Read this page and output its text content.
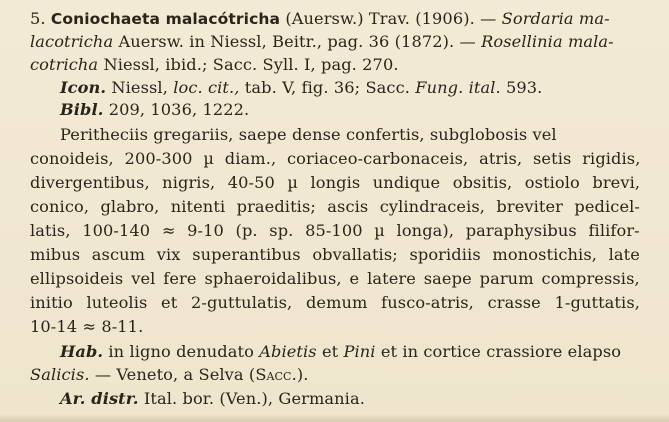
5. Coniochaeta malacótricha (Auersw.) Trav. (1906). — Sordaria ma-
lacotricha Auersw. in Niessl, Beitr., pag. 36 (1872). — Rosellinia mala-
cotricha Niessl, ibid.; Sacc. Syll. I, pag. 270.
Icon. Niessl, loc. cit., tab. V, fig. 36; Sacc. Fung. ital. 593.
Bibl. 209, 1036, 1222.
Peritheciis gregariis, saepe dense confertis, subglobosis vel
conoideis, 200-300 µ diam., coriaceo-carbonaceis, atris, setis rigidis,
divergentibus, nigris, 40-50 µ longis undique obsitis, ostiolo brevi,
conico, glabro, nitenti praeditis; ascis cylindraceis, breviter pedicel-
latis, 100-140 ≈ 9-10 (p. sp. 85-100 µ longa), paraphysibus filifor-
mibus ascum vix superantibus obvallatis; sporidiis monostichis, late
ellipsoideis vel fere sphaeroidalibus, e latere saepe parum compressis,
initio luteolis et 2-guttulatis, demum fusco-atris, crasse 1-guttatis,
10-14 ≈ 8-11.
Hab. in ligno denudato Abietis et Pini et in cortice crassiore elapso
Salicis. — Veneto, a Selva (Sacc.).
Ar. distr. Ital. bor. (Ven.), Germania.
